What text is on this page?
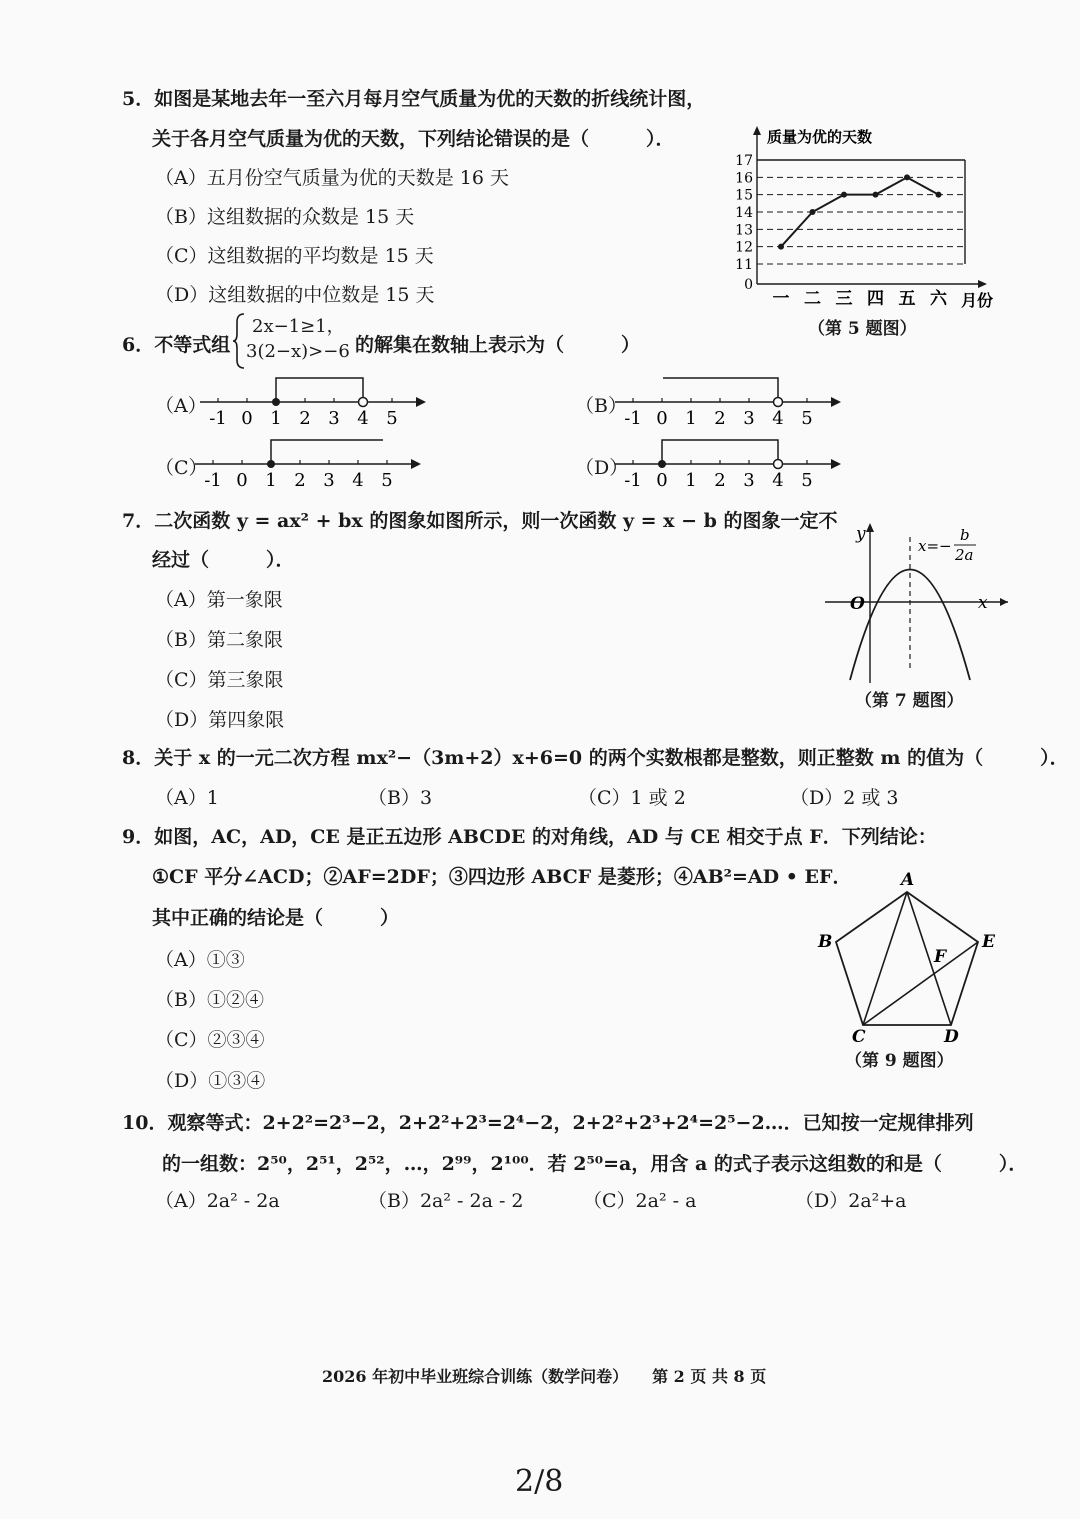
5．如图是某地去年一至六月每月空气质量为优的天数的折线统计图，
关于各月空气质量为优的天数，下列结论错误的是（　　　）．
（A）五月份空气质量为优的天数是 16 天
（B）这组数据的众数是 15 天
（C）这组数据的平均数是 15 天
（D）这组数据的中位数是 15 天	0
11
12
13
14
15
16
17
质量为优的天数
一 二 三 四 五 六 月份
（第 5 题图）
6．不等式组
2x−1≥1，
3(2−x)>−6 的解集在数轴上表示为（　　　）
（A）
-1 0 1 2 3 4 5
（B）
-1 0 1 2 3 4 5
（C）
-1 0 1 2 3 4 5
（D）
-1 0 1 2 3 4 5
7．二次函数 y = ax² + bx 的图象如图所示，则一次函数 y = x − b 的图象一定不
经过（　　　）．
（A）第一象限
（B）第二象限
（C）第三象限
（D）第四象限
y
x
O
x=−
b
2a
（第 7 题图）
8．关于 x 的一元二次方程 mx²−（3m+2）x+6=0 的两个实数根都是整数，则正整数 m 的值为（　　　）．
（A）1	（B）3	（C）1 或 2	（D）2 或 3
9．如图，AC，AD，CE 是正五边形 ABCDE 的对角线，AD 与 CE 相交于点 F．下列结论：
①CF 平分∠ACD；②AF=2DF；③四边形 ABCF 是菱形；④AB²=AD • EF．
其中正确的结论是（　　　）
（A）①③
（B）①②④
（C）②③④
（D）①③④
A
B	E
F
C	D
（第 9 题图）
10．观察等式：2+2²=2³−2，2+2²+2³=2⁴−2，2+2²+2³+2⁴=2⁵−2…．已知按一定规律排列
的一组数：2⁵⁰，2⁵¹，2⁵²，…，2⁹⁹，2¹⁰⁰．若 2⁵⁰=a，用含 a 的式子表示这组数的和是（　　　）．
（A）2a² - 2a	（B）2a² - 2a - 2	（C）2a² - a	（D）2a²+a
2026 年初中毕业班综合训练（数学问卷）　　第 2 页 共 8 页
2/8
